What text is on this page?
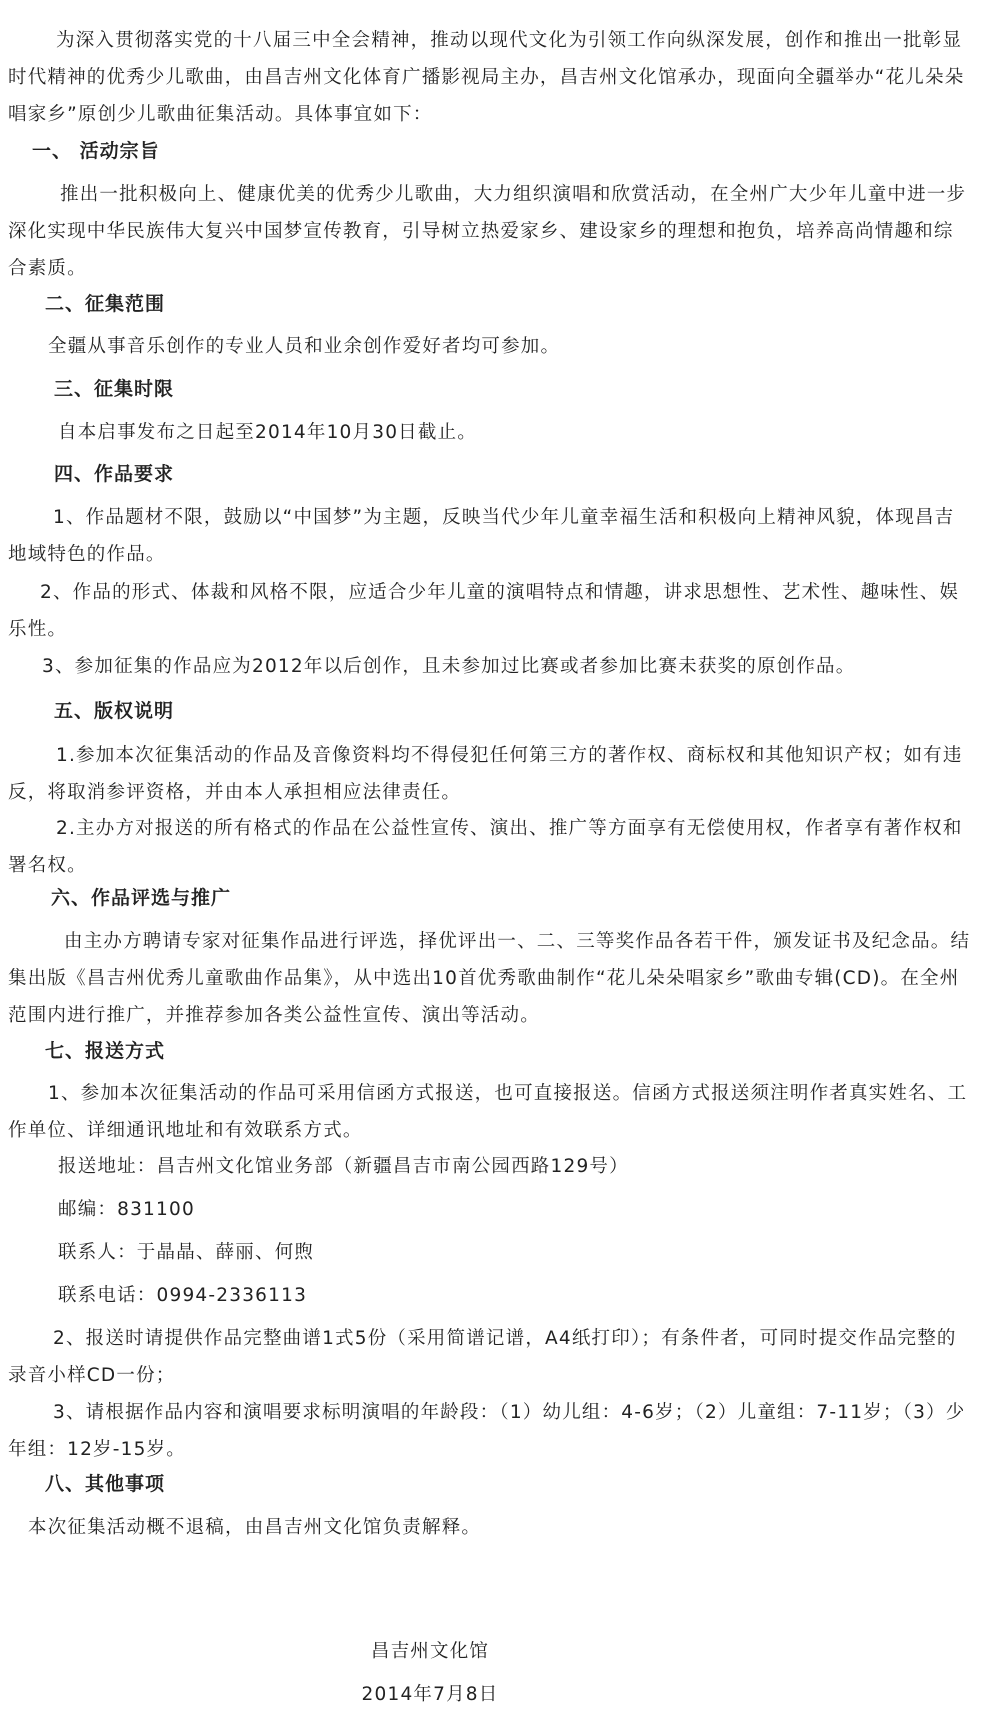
为深入贯彻落实党的十八届三中全会精神，推动以现代文化为引领工作向纵深发展，创作和推出一批彰显时代精神的优秀少儿歌曲，由昌吉州文化体育广播影视局主办，昌吉州文化馆承办，现面向全疆举办“花儿朵朵唱家乡”原创少儿歌曲征集活动。具体事宜如下：
一、 活动宗旨
推出一批积极向上、健康优美的优秀少儿歌曲，大力组织演唱和欣赏活动，在全州广大少年儿童中进一步深化实现中华民族伟大复兴中国梦宣传教育，引导树立热爱家乡、建设家乡的理想和抱负，培养高尚情趣和综合素质。
二、征集范围
全疆从事音乐创作的专业人员和业余创作爱好者均可参加。
三、征集时限
自本启事发布之日起至2014年10月30日截止。
四、作品要求
1、作品题材不限，鼓励以“中国梦”为主题，反映当代少年儿童幸福生活和积极向上精神风貌，体现昌吉地域特色的作品。
2、作品的形式、体裁和风格不限，应适合少年儿童的演唱特点和情趣，讲求思想性、艺术性、趣味性、娱乐性。
3、参加征集的作品应为2012年以后创作，且未参加过比赛或者参加比赛未获奖的原创作品。
五、版权说明
1.参加本次征集活动的作品及音像资料均不得侵犯任何第三方的著作权、商标权和其他知识产权；如有违反，将取消参评资格，并由本人承担相应法律责任。
2.主办方对报送的所有格式的作品在公益性宣传、演出、推广等方面享有无偿使用权，作者享有著作权和署名权。
六、作品评选与推广
由主办方聘请专家对征集作品进行评选，择优评出一、二、三等奖作品各若干件，颁发证书及纪念品。结集出版《昌吉州优秀儿童歌曲作品集》，从中选出10首优秀歌曲制作“花儿朵朵唱家乡”歌曲专辑(CD)。在全州范围内进行推广，并推荐参加各类公益性宣传、演出等活动。
七、报送方式
1、参加本次征集活动的作品可采用信函方式报送，也可直接报送。信函方式报送须注明作者真实姓名、工作单位、详细通讯地址和有效联系方式。
报送地址：昌吉州文化馆业务部（新疆昌吉市南公园西路129号）
邮编：831100
联系人：于晶晶、薛丽、何煦
联系电话：0994-2336113
2、报送时请提供作品完整曲谱1式5份（采用简谱记谱，A4纸打印）；有条件者，可同时提交作品完整的录音小样CD一份；
3、请根据作品内容和演唱要求标明演唱的年龄段：（1）幼儿组：4-6岁；（2）儿童组：7-11岁；（3）少年组：12岁-15岁。
八、其他事项
本次征集活动概不退稿，由昌吉州文化馆负责解释。
昌吉州文化馆
2014年7月8日
